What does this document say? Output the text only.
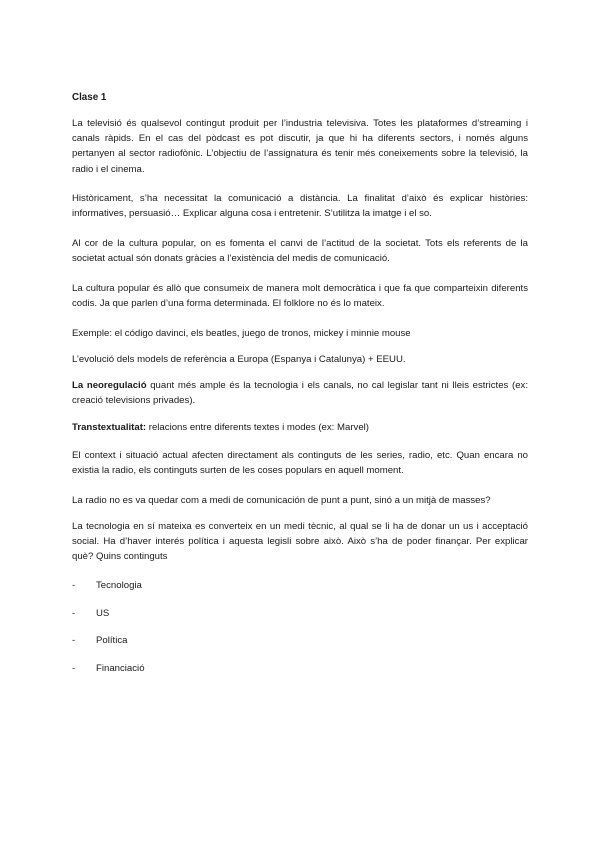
Clase 1

La televisió és qualsevol contingut produit per l’industria televisiva. Totes les plataformes d’streaming i canals ràpids. En el cas del pòdcast es pot discutir, ja que hi ha diferents sectors, i només alguns pertanyen al sector radiofònic. L’objectiu de l’assignatura és tenir més coneixements sobre la televisió, la radio i el cinema.

Històricament, s’ha necessitat la comunicació a distància. La finalitat d’això és explicar històries: informatives, persuasió… Explicar alguna cosa i entretenir. S’utilitza la imatge i el so.

Al cor de la cultura popular, on es fomenta el canvi de l’actitud de la societat. Tots els referents de la societat actual són donats gràcies a l’existència del medis de comunicació.

La cultura popular és allò que consumeix de manera molt democràtica i que fa que comparteixin diferents codis. Ja que parlen d’una forma determinada. El folklore no és lo mateix.

Exemple: el código davinci, els beatles, juego de tronos, mickey i minnie mouse

L’evolució dels models de referència a Europa (Espanya i Catalunya) + EEUU.

La neoregulació quant més ample és la tecnologia i els canals, no cal legislar tant ni lleis estrictes (ex: creació televisions privades).

Transtextualitat: relacions entre diferents textes i modes (ex: Marvel)

El context i situació actual afecten directament als continguts de les series, radio, etc. Quan encara no existia la radio, els continguts surten de les coses populars en aquell moment.

La radio no es va quedar com a medi de comunicación de punt a punt, sinó a un mitjà de masses?

La tecnologia en sí mateixa es converteix en un medi tècnic, al qual se li ha de donar un us i acceptació social. Ha d’haver interés política i aquesta legisli sobre això. Això s’ha de poder finançar. Per explicar què? Quins continguts

- Tecnologia
- US
- Política
- Financiació
